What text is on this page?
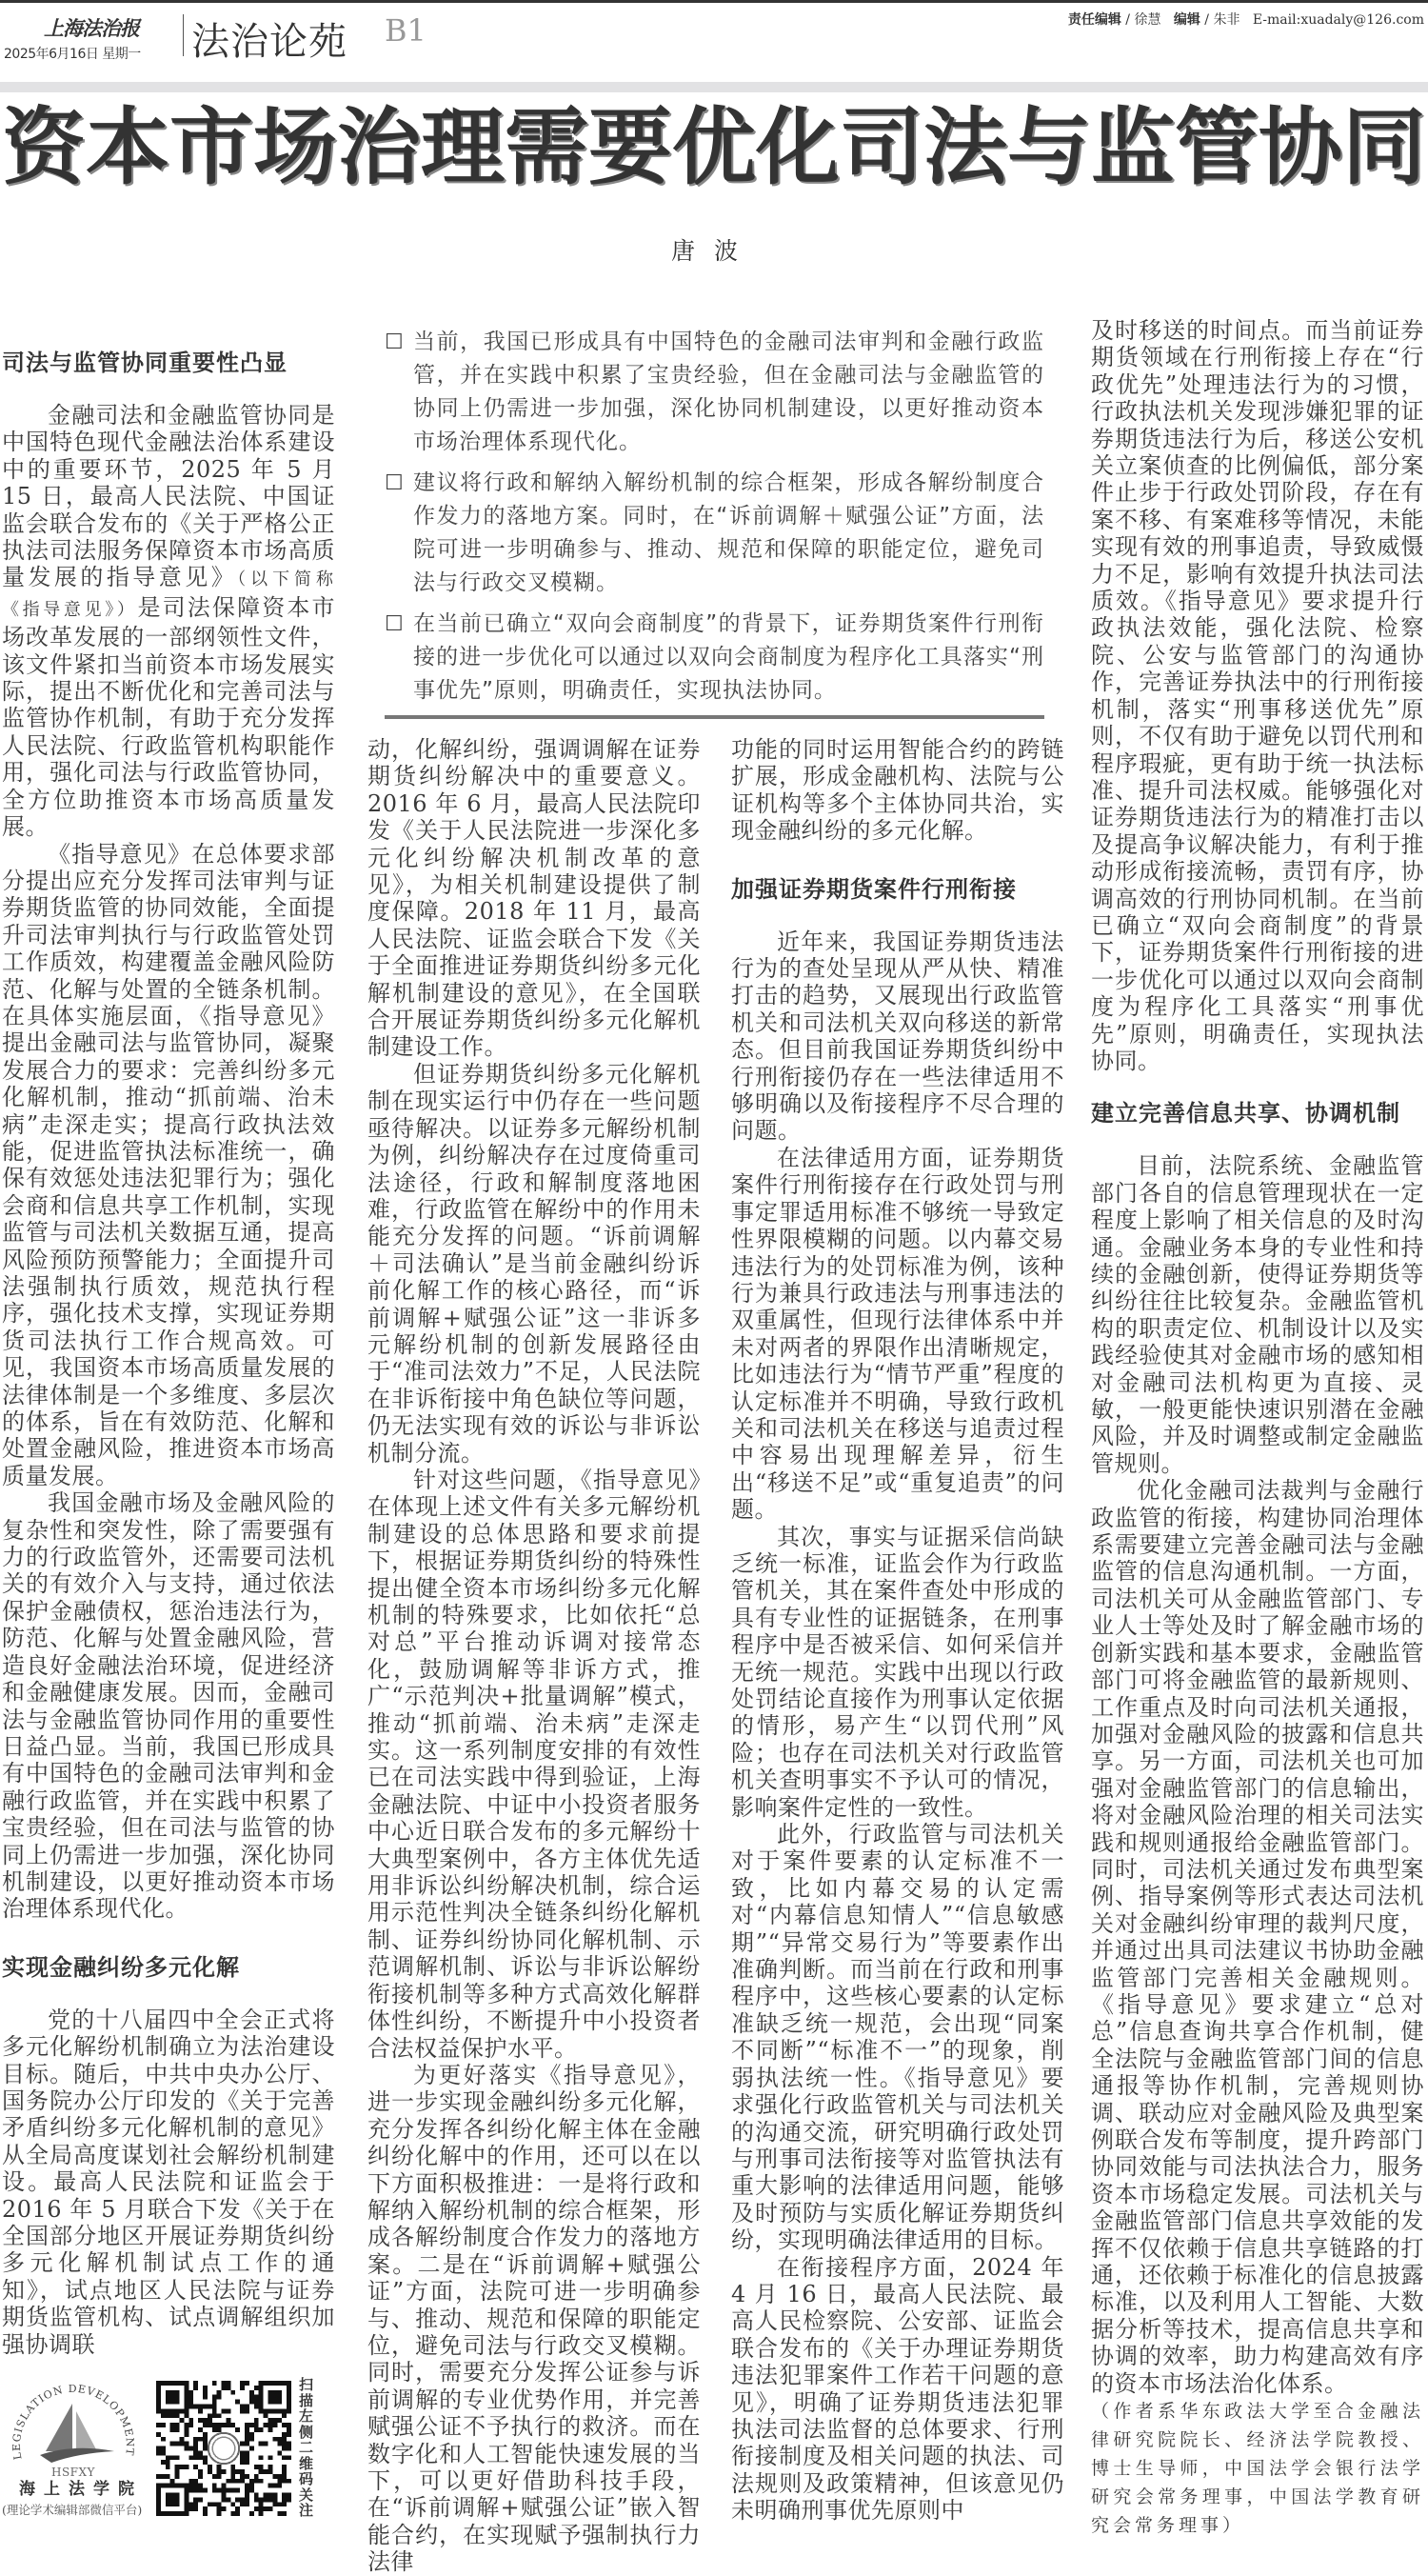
上海法治报
2025年6月16日 星期一 法治论苑 B1	责任编辑 / 徐慧 编辑 / 朱非 E-mail:xuadaly@126.com
资本市场治理需要优化司法与监管协同
唐波
司法与监管协同重要性凸显

金融司法和金融监管协同是中国特色现代金融法治体系建设中的重要环节，2025 年 5 月 15 日，最高人民法院、中国证监会联合发布的《关于严格公正执法司法服务保障资本市场高质量发展的指导意见》（以下简称《指导意见》）是司法保障资本市场改革发展的一部纲领性文件，该文件紧扣当前资本市场发展实际，提出不断优化和完善司法与监管协作机制，有助于充分发挥人民法院、行政监管机构职能作用，强化司法与行政监管协同，全方位助推资本市场高质量发展。

《指导意见》在总体要求部分提出应充分发挥司法审判与证券期货监管的协同效能，全面提升司法审判执行与行政监管处罚工作质效，构建覆盖金融风险防范、化解与处置的全链条机制。在具体实施层面，《指导意见》提出金融司法与监管协同，凝聚发展合力的要求：完善纠纷多元化解机制，推动“抓前端、治未病”走深走实；提高行政执法效能，促进监管执法标准统一，确保有效惩处违法犯罪行为；强化会商和信息共享工作机制，实现监管与司法机关数据互通，提高风险预防预警能力；全面提升司法强制执行质效，规范执行程序，强化技术支撑，实现证券期货司法执行工作合规高效。可见，我国资本市场高质量发展的法律体制是一个多维度、多层次的体系，旨在有效防范、化解和处置金融风险，推进资本市场高质量发展。

我国金融市场及金融风险的复杂性和突发性，除了需要强有力的行政监管外，还需要司法机关的有效介入与支持，通过依法保护金融债权，惩治违法行为，防范、化解与处置金融风险，营造良好金融法治环境，促进经济和金融健康发展。因而，金融司法与金融监管协同作用的重要性日益凸显。当前，我国已形成具有中国特色的金融司法审判和金融行政监管，并在实践中积累了宝贵经验，但在司法与监管的协同上仍需进一步加强，深化协同机制建设，以更好推动资本市场治理体系现代化。

实现金融纠纷多元化解

党的十八届四中全会正式将多元化解纷机制确立为法治建设目标。随后，中共中央办公厅、国务院办公厅印发的《关于完善矛盾纠纷多元化解机制的意见》从全局高度谋划社会解纷机制建设。最高人民法院和证监会于 2016 年 5 月联合下发《关于在全国部分地区开展证券期货纠纷多元化解机制试点工作的通知》，试点地区人民法院与证券期货监管机构、试点调解组织加强协调联

LEGISLATION DEVELOPMENT
HSFXY
海上法学院
(理论学术编辑部微信平台)
扫描左侧二维码关注
☐ 当前，我国已形成具有中国特色的金融司法审判和金融行政监管，并在实践中积累了宝贵经验，但在金融司法与金融监管的协同上仍需进一步加强，深化协同机制建设，以更好推动资本市场治理体系现代化。
☐ 建议将行政和解纳入解纷机制的综合框架，形成各解纷制度合作发力的落地方案。同时，在“诉前调解＋赋强公证”方面，法院可进一步明确参与、推动、规范和保障的职能定位，避免司法与行政交叉模糊。
☐ 在当前已确立“双向会商制度”的背景下，证券期货案件行刑衔接的进一步优化可以通过以双向会商制度为程序化工具落实“刑事优先”原则，明确责任，实现执法协同。

动，化解纠纷，强调调解在证券期货纠纷解决中的重要意义。2016 年 6 月，最高人民法院印发《关于人民法院进一步深化多元化纠纷解决机制改革的意见》，为相关机制建设提供了制度保障。2018 年 11 月，最高人民法院、证监会联合下发《关于全面推进证券期货纠纷多元化解机制建设的意见》，在全国联合开展证券期货纠纷多元化解机制建设工作。

但证券期货纠纷多元化解机制在现实运行中仍存在一些问题亟待解决。以证券多元解纷机制为例，纠纷解决存在过度倚重司法途径，行政和解制度落地困难，行政监管在解纷中的作用未能充分发挥的问题。“诉前调解＋司法确认”是当前金融纠纷诉前化解工作的核心路径，而“诉前调解+赋强公证”这一非诉多元解纷机制的创新发展路径由于“准司法效力”不足，人民法院在非诉衔接中角色缺位等问题，仍无法实现有效的诉讼与非诉讼机制分流。

针对这些问题，《指导意见》在体现上述文件有关多元解纷机制建设的总体思路和要求前提下，根据证券期货纠纷的特殊性提出健全资本市场纠纷多元化解机制的特殊要求，比如依托“总对总”平台推动诉调对接常态化，鼓励调解等非诉方式，推广“示范判决+批量调解”模式，推动“抓前端、治未病”走深走实。这一系列制度安排的有效性已在司法实践中得到验证，上海金融法院、中证中小投资者服务中心近日联合发布的多元解纷十大典型案例中，各方主体优先适用非诉讼纠纷解决机制，综合运用示范性判决全链条纠纷化解机制、证券纠纷协同化解机制、示范调解机制、诉讼与非诉讼解纷衔接机制等多种方式高效化解群体性纠纷，不断提升中小投资者合法权益保护水平。

为更好落实《指导意见》，进一步实现金融纠纷多元化解，充分发挥各纠纷化解主体在金融纠纷化解中的作用，还可以在以下方面积极推进：一是将行政和解纳入解纷机制的综合框架，形成各解纷制度合作发力的落地方案。二是在“诉前调解+赋强公证”方面，法院可进一步明确参与、推动、规范和保障的职能定位，避免司法与行政交叉模糊。同时，需要充分发挥公证参与诉前调解的专业优势作用，并完善赋强公证不予执行的救济。而在数字化和人工智能快速发展的当下，可以更好借助科技手段，在“诉前调解+赋强公证”嵌入智能合约，在实现赋予强制执行力法律

功能的同时运用智能合约的跨链扩展，形成金融机构、法院与公证机构等多个主体协同共治，实现金融纠纷的多元化解。

加强证券期货案件行刑衔接

近年来，我国证券期货违法行为的查处呈现从严从快、精准打击的趋势，又展现出行政监管机关和司法机关双向移送的新常态。但目前我国证券期货纠纷中行刑衔接仍存在一些法律适用不够明确以及衔接程序不尽合理的问题。

在法律适用方面，证券期货案件行刑衔接存在行政处罚与刑事定罪适用标准不够统一导致定性界限模糊的问题。以内幕交易违法行为的处罚标准为例，该种行为兼具行政违法与刑事违法的双重属性，但现行法律体系中并未对两者的界限作出清晰规定，比如违法行为“情节严重”程度的认定标准并不明确，导致行政机关和司法机关在移送与追责过程中容易出现理解差异，衍生出“移送不足”或“重复追责”的问题。

其次，事实与证据采信尚缺乏统一标准，证监会作为行政监管机关，其在案件查处中形成的具有专业性的证据链条，在刑事程序中是否被采信、如何采信并无统一规范。实践中出现以行政处罚结论直接作为刑事认定依据的情形，易产生“以罚代刑”风险；也存在司法机关对行政监管机关查明事实不予认可的情况，影响案件定性的一致性。

此外，行政监管与司法机关对于案件要素的认定标准不一致，比如内幕交易的认定需对“内幕信息知情人”“信息敏感期”“异常交易行为”等要素作出准确判断。而当前在行政和刑事程序中，这些核心要素的认定标准缺乏统一规范，会出现“同案不同断”“标准不一”的现象，削弱执法统一性。《指导意见》要求强化行政监管机关与司法机关的沟通交流，研究明确行政处罚与刑事司法衔接等对监管执法有重大影响的法律适用问题，能够及时预防与实质化解证券期货纠纷，实现明确法律适用的目标。

在衔接程序方面，2024 年 4 月 16 日，最高人民法院、最高人民检察院、公安部、证监会联合发布的《关于办理证券期货违法犯罪案件工作若干问题的意见》，明确了证券期货违法犯罪执法司法监督的总体要求、行刑衔接制度及相关问题的执法、司法规则及政策精神，但该意见仍未明确刑事优先原则中

及时移送的时间点。而当前证券期货领域在行刑衔接上存在“行政优先”处理违法行为的习惯，行政执法机关发现涉嫌犯罪的证券期货违法行为后，移送公安机关立案侦查的比例偏低，部分案件止步于行政处罚阶段，存在有案不移、有案难移等情况，未能实现有效的刑事追责，导致威慑力不足，影响有效提升执法司法质效。《指导意见》要求提升行政执法效能，强化法院、检察院、公安与监管部门的沟通协作，完善证券执法中的行刑衔接机制，落实“刑事移送优先”原则，不仅有助于避免以罚代刑和程序瑕疵，更有助于统一执法标准、提升司法权威。能够强化对证券期货违法行为的精准打击以及提高争议解决能力，有利于推动形成衔接流畅，责罚有序，协调高效的行刑协同机制。在当前已确立“双向会商制度”的背景下，证券期货案件行刑衔接的进一步优化可以通过以双向会商制度为程序化工具落实“刑事优先”原则，明确责任，实现执法协同。

建立完善信息共享、协调机制

目前，法院系统、金融监管部门各自的信息管理现状在一定程度上影响了相关信息的及时沟通。金融业务本身的专业性和持续的金融创新，使得证券期货等纠纷往往比较复杂。金融监管机构的职责定位、机制设计以及实践经验使其对金融市场的感知相对金融司法机构更为直接、灵敏，一般更能快速识别潜在金融风险，并及时调整或制定金融监管规则。

优化金融司法裁判与金融行政监管的衔接，构建协同治理体系需要建立完善金融司法与金融监管的信息沟通机制。一方面，司法机关可从金融监管部门、专业人士等处及时了解金融市场的创新实践和基本要求，金融监管部门可将金融监管的最新规则、工作重点及时向司法机关通报，加强对金融风险的披露和信息共享。另一方面，司法机关也可加强对金融监管部门的信息输出，将对金融风险治理的相关司法实践和规则通报给金融监管部门。同时，司法机关通过发布典型案例、指导案例等形式表达司法机关对金融纠纷审理的裁判尺度，并通过出具司法建议书协助金融监管部门完善相关金融规则。《指导意见》要求建立“总对总”信息查询共享合作机制，健全法院与金融监管部门间的信息通报等协作机制，完善规则协调、联动应对金融风险及典型案例联合发布等制度，提升跨部门协同效能与司法执法合力，服务资本市场稳定发展。司法机关与金融监管部门信息共享效能的发挥不仅依赖于信息共享链路的打通，还依赖于标准化的信息披露标准，以及利用人工智能、大数据分析等技术，提高信息共享和协调的效率，助力构建高效有序的资本市场法治化体系。

（作者系华东政法大学至合金融法律研究院院长、经济法学院教授、博士生导师，中国法学会银行法学研究会常务理事，中国法学教育研究会常务理事）
